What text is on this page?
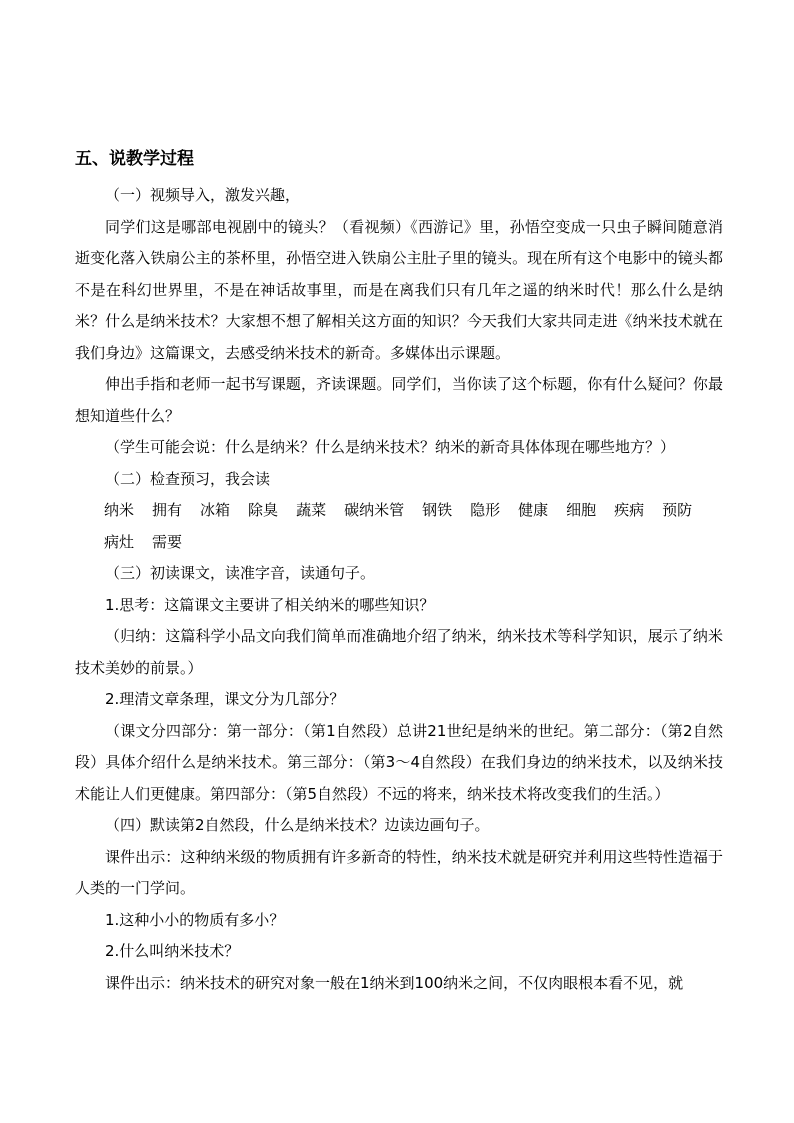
五、说教学过程

（一）视频导入，激发兴趣，

同学们这是哪部电视剧中的镜头？（看视频）《西游记》里，孙悟空变成一只虫子瞬间随意消逝变化落入铁扇公主的茶杯里，孙悟空进入铁扇公主肚子里的镜头。现在所有这个电影中的镜头都不是在科幻世界里，不是在神话故事里，而是在离我们只有几年之遥的纳米时代！那么什么是纳米？什么是纳米技术？大家想不想了解相关这方面的知识？今天我们大家共同走进《纳米技术就在我们身边》这篇课文，去感受纳米技术的新奇。多媒体出示课题。

伸出手指和老师一起书写课题，齐读课题。同学们，当你读了这个标题，你有什么疑问？你最想知道些什么？

（学生可能会说：什么是纳米？什么是纳米技术？纳米的新奇具体体现在哪些地方？）

（二）检查预习，我会读

纳米 拥有 冰箱 除臭 蔬菜 碳纳米管 钢铁 隐形 健康 细胞 疾病 预防
病灶 需要

（三）初读课文，读准字音，读通句子。

1.思考：这篇课文主要讲了相关纳米的哪些知识？

（归纳：这篇科学小品文向我们简单而准确地介绍了纳米，纳米技术等科学知识，展示了纳米技术美妙的前景。）

2.理清文章条理，课文分为几部分？

（课文分四部分：第一部分：（第1自然段）总讲21世纪是纳米的世纪。第二部分：（第2自然段）具体介绍什么是纳米技术。第三部分：（第3～4自然段）在我们身边的纳米技术，以及纳米技术能让人们更健康。第四部分：（第5自然段）不远的将来，纳米技术将改变我们的生活。）

（四）默读第2自然段，什么是纳米技术？边读边画句子。

课件出示：这种纳米级的物质拥有许多新奇的特性，纳米技术就是研究并利用这些特性造福于人类的一门学问。

1.这种小小的物质有多小？

2.什么叫纳米技术？

课件出示：纳米技术的研究对象一般在1纳米到100纳米之间，不仅肉眼根本看不见，就
